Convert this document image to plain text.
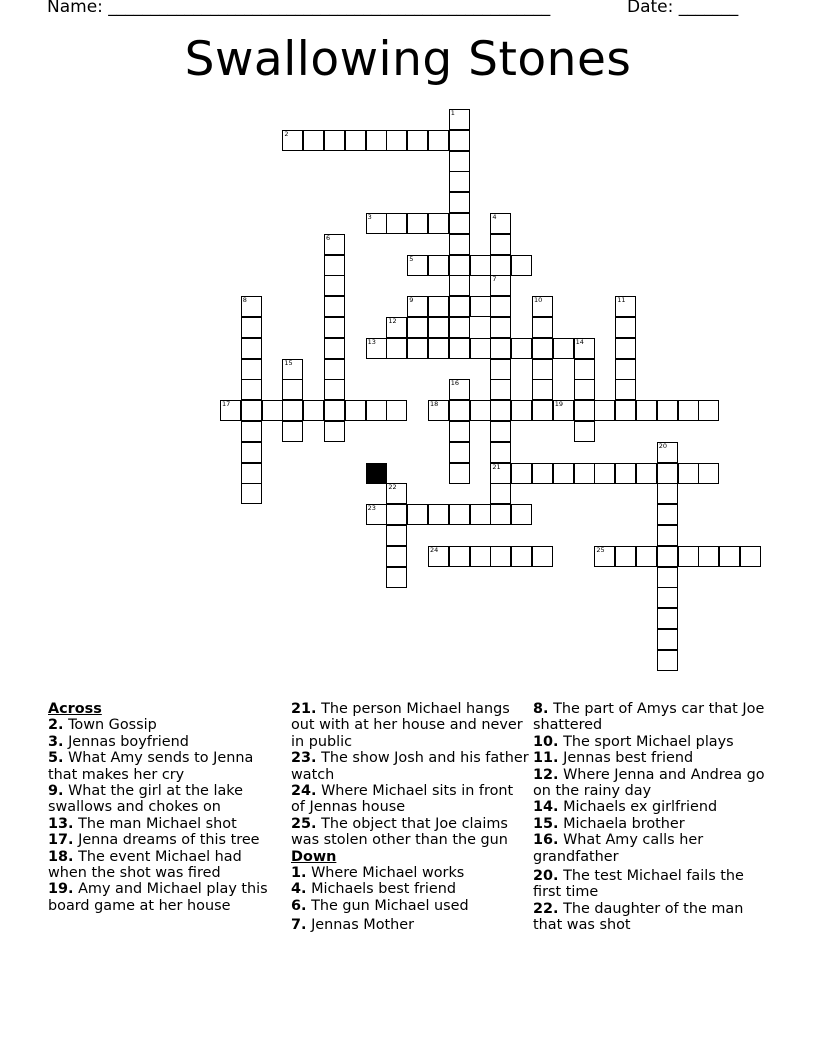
Name: ____________________________________________________	Date: _______
Swallowing Stones
2
3
5
9
12
13	14
17	18	19
21
23
24	25
1
4
7
6
8	10	11
15
16
20
22
Across
2. Town Gossip
3. Jennas boyfriend
5. What Amy sends to Jenna that makes her cry
9. What the girl at the lake swallows and chokes on
13. The man Michael shot
17. Jenna dreams of this tree
18. The event Michael had when the shot was fired
19. Amy and Michael play this board game at her house
21. The person Michael hangs out with at her house and never in public
23. The show Josh and his father watch
24. Where Michael sits in front of Jennas house
25. The object that Joe claims was stolen other than the gun
Down
1. Where Michael works
4. Michaels best friend
6. The gun Michael used
7. Jennas Mother
8. The part of Amys car that Joe shattered
10. The sport Michael plays
11. Jennas best friend
12. Where Jenna and Andrea go on the rainy day
14. Michaels ex girlfriend
15. Michaela brother
16. What Amy calls her grandfather
20. The test Michael fails the first time
22. The daughter of the man that was shot
